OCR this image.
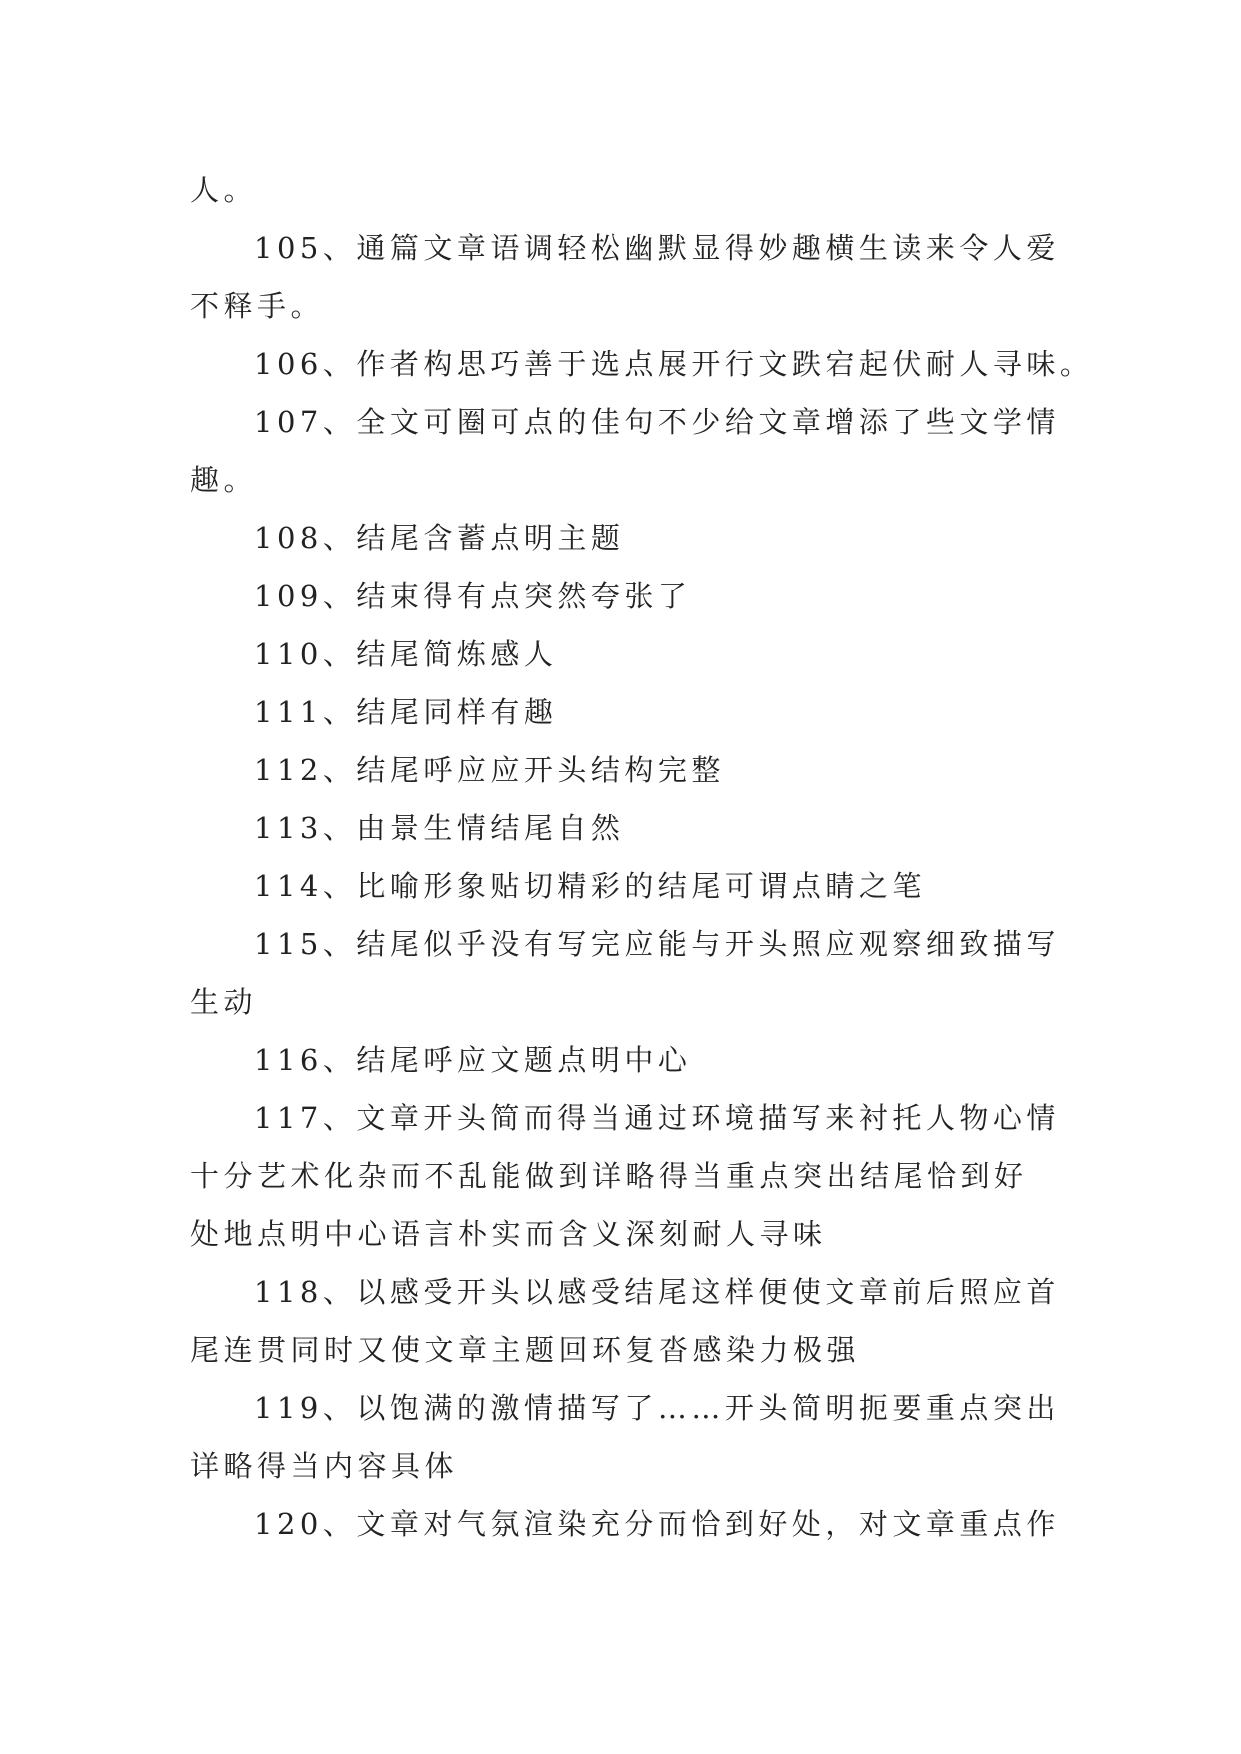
人。
105、通篇文章语调轻松幽默显得妙趣横生读来令人爱
不释手。
106、作者构思巧善于选点展开行文跌宕起伏耐人寻味。
107、全文可圈可点的佳句不少给文章增添了些文学情
趣。
108、结尾含蓄点明主题
109、结束得有点突然夸张了
110、结尾简炼感人
111、结尾同样有趣
112、结尾呼应应开头结构完整
113、由景生情结尾自然
114、比喻形象贴切精彩的结尾可谓点睛之笔
115、结尾似乎没有写完应能与开头照应观察细致描写
生动
116、结尾呼应文题点明中心
117、文章开头简而得当通过环境描写来衬托人物心情
十分艺术化杂而不乱能做到详略得当重点突出结尾恰到好
处地点明中心语言朴实而含义深刻耐人寻味
118、以感受开头以感受结尾这样便使文章前后照应首
尾连贯同时又使文章主题回环复沓感染力极强
119、以饱满的激情描写了……开头简明扼要重点突出
详略得当内容具体
120、文章对气氛渲染充分而恰到好处，对文章重点作
